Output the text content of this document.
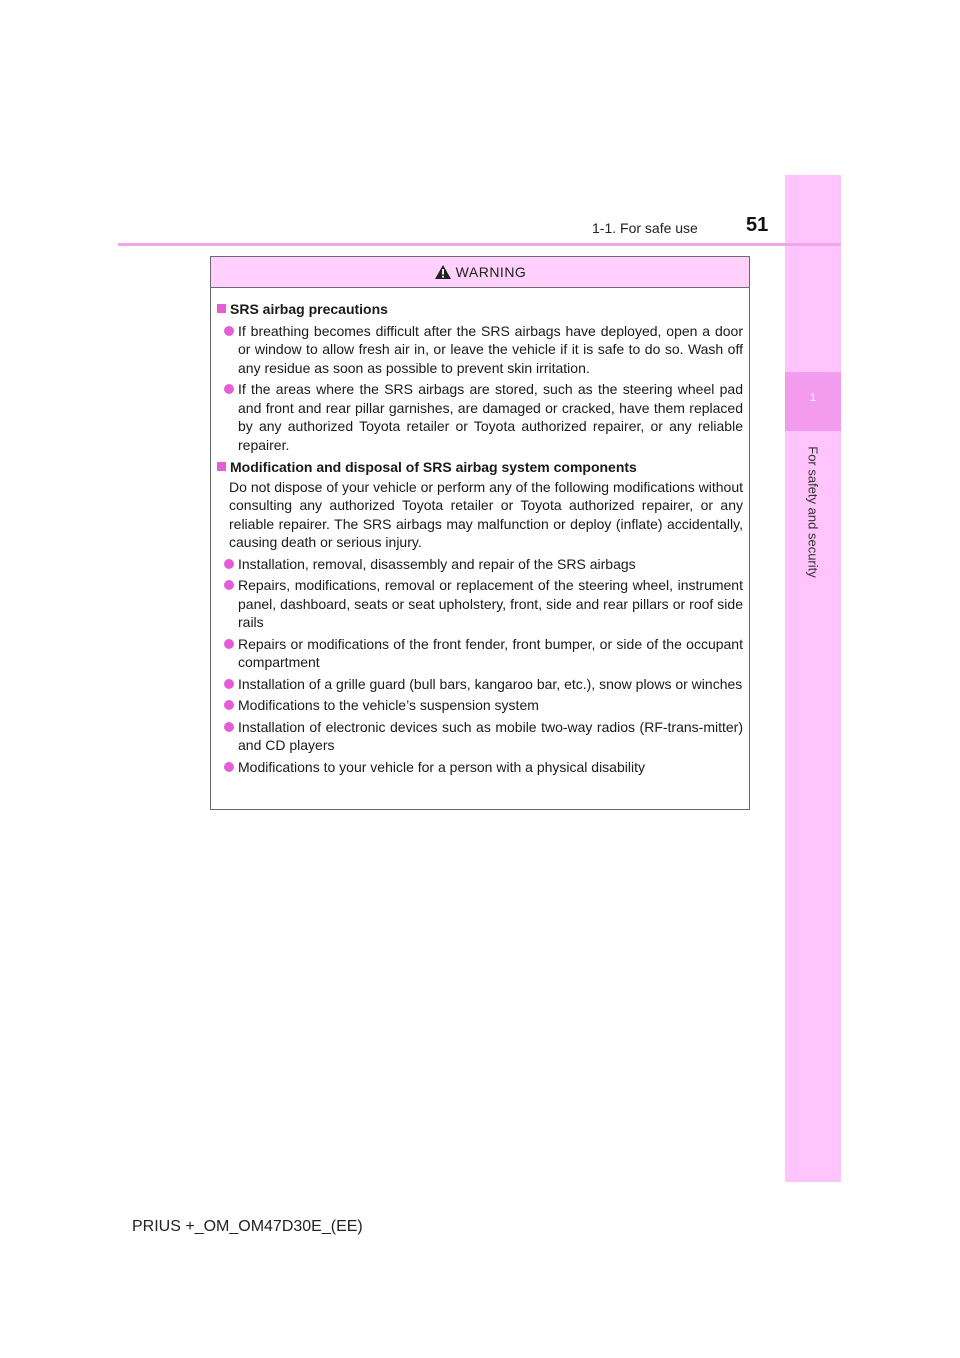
1
For safety and security
1-1. For safe use 51
WARNING
SRS airbag precautions
If breathing becomes difficult after the SRS airbags have deployed, open a door or window to allow fresh air in, or leave the vehicle if it is safe to do so. Wash off any residue as soon as possible to prevent skin irritation.
If the areas where the SRS airbags are stored, such as the steering wheel pad and front and rear pillar garnishes, are damaged or cracked, have them replaced by any authorized Toyota retailer or Toyota authorized repairer, or any reliable repairer.
Modification and disposal of SRS airbag system components
Do not dispose of your vehicle or perform any of the following modifications without consulting any authorized Toyota retailer or Toyota authorized repairer, or any reliable repairer. The SRS airbags may malfunction or deploy (inflate) accidentally, causing death or serious injury.
Installation, removal, disassembly and repair of the SRS airbags
Repairs, modifications, removal or replacement of the steering wheel, instrument panel, dashboard, seats or seat upholstery, front, side and rear pillars or roof side rails
Repairs or modifications of the front fender, front bumper, or side of the occupant compartment
Installation of a grille guard (bull bars, kangaroo bar, etc.), snow plows or winches
Modifications to the vehicle’s suspension system
Installation of electronic devices such as mobile two-way radios (RF-trans-mitter) and CD players
Modifications to your vehicle for a person with a physical disability
PRIUS +_OM_OM47D30E_(EE)
